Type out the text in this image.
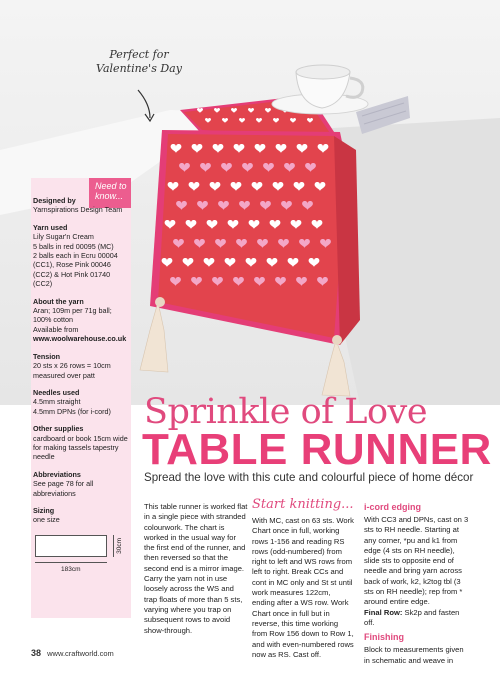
Perfect for Valentine's Day
Need to know...
Designed by
Yarnspirations Design Team
Yarn used
Lily Sugar'n Cream
5 balls in red 00095 (MC)
2 balls each in Ecru 00004 (CC1), Rose Pink 00046 (CC2) & Hot Pink 01740 (CC2)
About the yarn
Aran; 109m per 71g ball; 100% cotton
Available from
www.woolwarehouse.co.uk
Tension
20 sts x 26 rows = 10cm measured over patt
Needles used
4.5mm straight
4.5mm DPNs (for i-cord)
Other supplies
cardboard or book 15cm wide for making tassels tapestry needle
Abbreviations
See page 78 for all abbreviations
Sizing
one size
30cm
183cm
Sprinkle of Love
TABLE RUNNER
Spread the love with this cute and colourful piece of home décor
This table runner is worked flat in a single piece with stranded colourwork. The chart is worked in the usual way for the first end of the runner, and then reversed so that the second end is a mirror image. Carry the yarn not in use loosely across the WS and trap floats of more than 5 sts, varying where you trap on subsequent rows to avoid show-through.
Start knitting...
With MC, cast on 63 sts. Work Chart once in full, working rows 1-156 and reading RS rows (odd-numbered) from right to left and WS rows from left to right. Break CCs and cont in MC only and St st until work measures 122cm, ending after a WS row. Work Chart once in full but in reverse, this time working from Row 156 down to Row 1, and with even-numbered rows now as RS. Cast off.
i-cord edging
With CC3 and DPNs, cast on 3 sts to RH needle. Starting at any corner, *pu and k1 from edge (4 sts on RH needle), slide sts to opposite end of needle and bring yarn across back of work, k2, k2tog tbl (3 sts on RH needle); rep from * around entire edge.
Final Row: Sk2p and fasten off.
Finishing
Block to measurements given in schematic and weave in
38 www.craftworld.com
